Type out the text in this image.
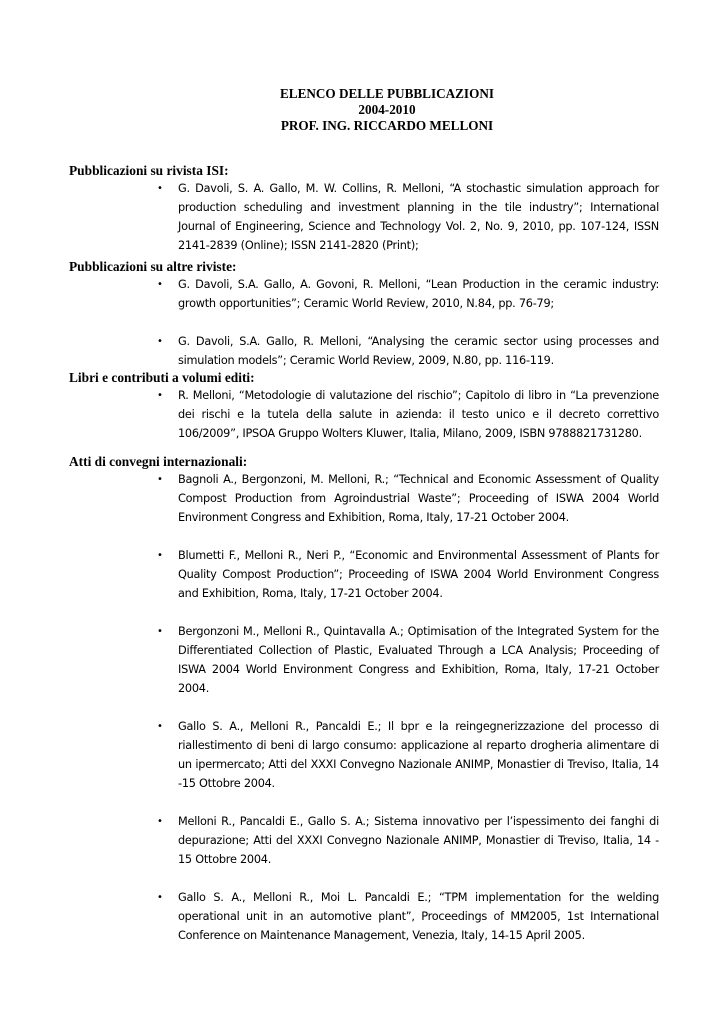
ELENCO DELLE PUBBLICAZIONI
2004-2010
PROF. ING. RICCARDO MELLONI

Pubblicazioni su rivista ISI:

• G. Davoli, S. A. Gallo, M. W. Collins, R. Melloni, “A stochastic simulation approach for production scheduling and investment planning in the tile industry”; International Journal of Engineering, Science and Technology Vol. 2, No. 9, 2010, pp. 107-124, ISSN 2141-2839 (Online); ISSN 2141-2820 (Print);

Pubblicazioni su altre riviste:

• G. Davoli, S.A. Gallo, A. Govoni, R. Melloni, “Lean Production in the ceramic industry: growth opportunities”; Ceramic World Review, 2010, N.84, pp. 76-79;
• G. Davoli, S.A. Gallo, R. Melloni, “Analysing the ceramic sector using processes and simulation models”; Ceramic World Review, 2009, N.80, pp. 116-119.

Libri e contributi a volumi editi:

• R. Melloni, “Metodologie di valutazione del rischio”; Capitolo di libro in “La prevenzione dei rischi e la tutela della salute in azienda: il testo unico e il decreto correttivo 106/2009”, IPSOA Gruppo Wolters Kluwer, Italia, Milano, 2009, ISBN 9788821731280.

Atti di convegni internazionali:

• Bagnoli A., Bergonzoni, M. Melloni, R.; “Technical and Economic Assessment of Quality Compost Production from Agroindustrial Waste”; Proceeding of ISWA 2004 World Environment Congress and Exhibition, Roma, Italy, 17-21 October 2004.
• Blumetti F., Melloni R., Neri P., “Economic and Environmental Assessment of Plants for Quality Compost Production”; Proceeding of ISWA 2004 World Environment Congress and Exhibition, Roma, Italy, 17-21 October 2004.
• Bergonzoni M., Melloni R., Quintavalla A.; Optimisation of the Integrated System for the Differentiated Collection of Plastic, Evaluated Through a LCA Analysis; Proceeding of ISWA 2004 World Environment Congress and Exhibition, Roma, Italy, 17-21 October 2004.
• Gallo S. A., Melloni R., Pancaldi E.; Il bpr e la reingegnerizzazione del processo di riallestimento di beni di largo consumo: applicazione al reparto drogheria alimentare di un ipermercato; Atti del XXXI Convegno Nazionale ANIMP, Monastier di Treviso, Italia, 14 -15 Ottobre 2004.
• Melloni R., Pancaldi E., Gallo S. A.; Sistema innovativo per l’ispessimento dei fanghi di depurazione; Atti del XXXI Convegno Nazionale ANIMP, Monastier di Treviso, Italia, 14 - 15 Ottobre 2004.
• Gallo S. A., Melloni R., Moi L. Pancaldi E.; “TPM implementation for the welding operational unit in an automotive plant”, Proceedings of MM2005, 1st International Conference on Maintenance Management, Venezia, Italy, 14-15 April 2005.
